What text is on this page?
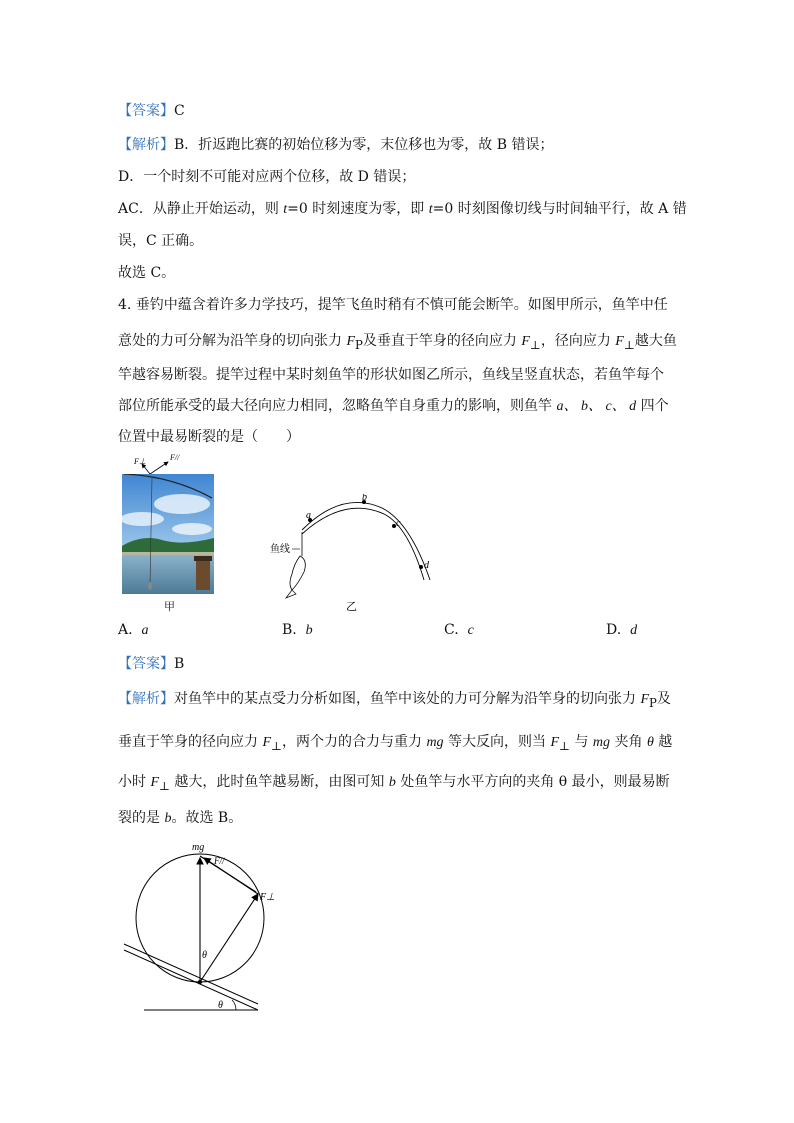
【答案】C
【解析】B．折返跑比赛的初始位移为零，末位移也为零，故 B 错误；
D．一个时刻不可能对应两个位移，故 D 错误；
AC．从静止开始运动，则 t=0 时刻速度为零，即 t=0 时刻图像切线与时间轴平行，故 A 错
误，C 正确。
故选 C。
4. 垂钓中蕴含着许多力学技巧，提竿飞鱼时稍有不慎可能会断竿。如图甲所示，鱼竿中任
意处的力可分解为沿竿身的切向张力 $F_P$及垂直于竿身的径向应力 $F_\perp$，径向应力 $F_\perp$越大鱼
竿越容易断裂。提竿过程中某时刻鱼竿的形状如图乙所示，鱼线呈竖直状态，若鱼竿每个
部位所能承受的最大径向应力相同，忽略鱼竿自身重力的影响，则鱼竿 a、 b、 c、 d 四个
位置中最易断裂的是（　　）
F⊥	F//
甲
a
b
c
d
鱼线
乙
A. a	B. b	C. c	D. d
【答案】B
【解析】对鱼竿中的某点受力分析如图，鱼竿中该处的力可分解为沿竿身的切向张力 $F_P$及
垂直于竿身的径向应力 $F_\perp$，两个力的合力与重力 mg 等大反向，则当 $F_\perp$ 与 mg 夹角 θ 越
小时 $F_\perp$ 越大，此时鱼竿越易断，由图可知 b 处鱼竿与水平方向的夹角 θ 最小，则最易断
裂的是 b。故选 B。
mg
F//
F⊥
θ
θ
